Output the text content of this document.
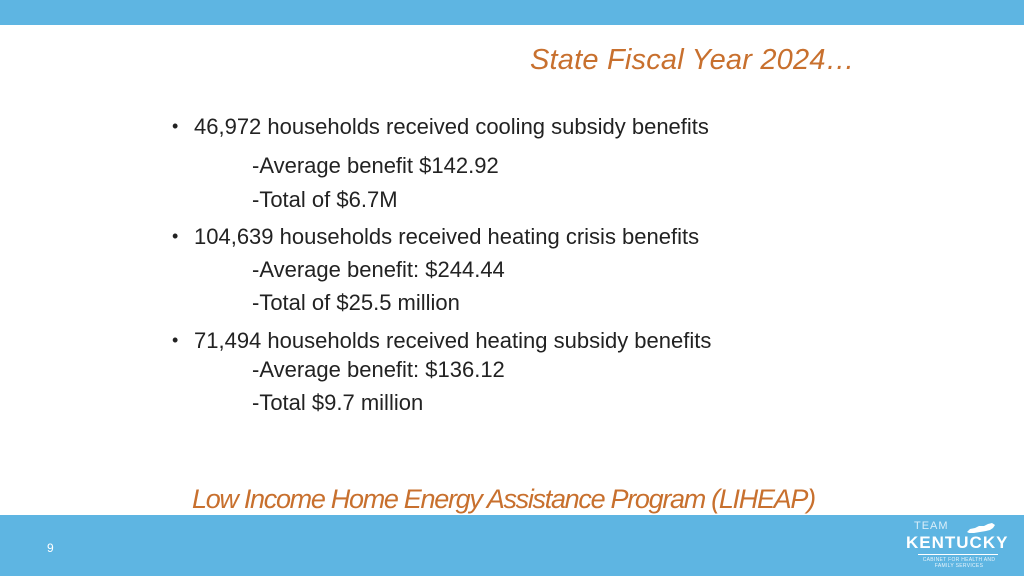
State Fiscal Year 2024…
• 46,972 households received cooling subsidy benefits
-Average benefit $142.92
-Total of $6.7M
• 104,639 households received heating crisis benefits
-Average benefit: $244.44
-Total of $25.5 million
• 71,494 households received heating subsidy benefits
-Average benefit: $136.12
-Total $9.7 million
Low Income Home Energy Assistance Program (LIHEAP)
9
TEAM
KENTUCKY
CABINET FOR HEALTH AND FAMILY SERVICES
